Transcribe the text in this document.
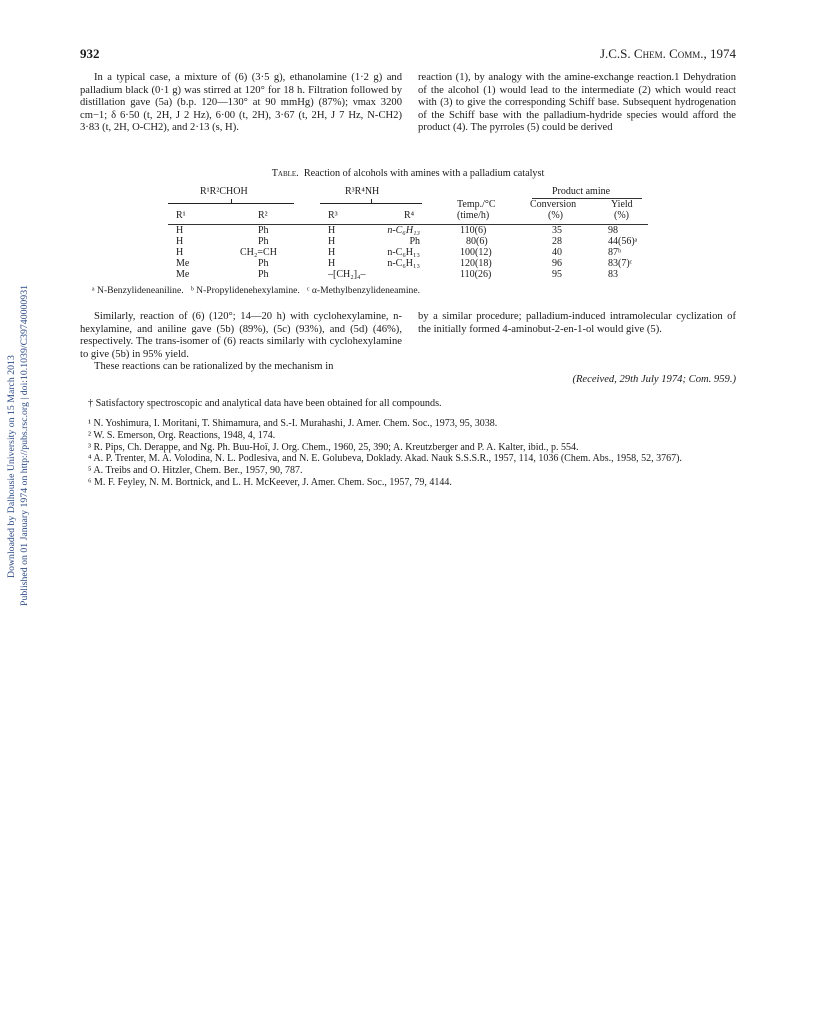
Downloaded by Dalhousie University on 15 March 2013 Published on 01 January 1974 on http://pubs.rsc.org | doi:10.1039/C39740000931
932	J.C.S. Chem. Comm., 1974

In a typical case, a mixture of (6) (3·5 g), ethanolamine (1·2 g) and palladium black (0·1 g) was stirred at 120° for 18 h. Filtration followed by distillation gave (5a) (b.p. 120—130° at 90 mmHg) (87%); νmax 3200 cm−1; δ 6·50 (t, 2H, J 2 Hz), 6·00 (t, 2H), 3·67 (t, 2H, J 7 Hz, N-CH2) 3·83 (t, 2H, O-CH2), and 2·13 (s, H).

reaction (1), by analogy with the amine-exchange reaction.1 Dehydration of the alcohol (1) would lead to the intermediate (2) which would react with (3) to give the corresponding Schiff base. Subsequent hydrogenation of the Schiff base with the palladium-hydride species would afford the product (4). The pyrroles (5) could be derived

Table. Reaction of alcohols with amines with a palladium catalyst
R¹R²CHOH	R³R⁴NH	Product amine
R¹	R²	R³	R⁴
Temp./°C
(time/h)
Conversion
(%)
Yield
(%)
H	Ph	H	n-C₆H₁₃	110(6)	35	98
H	Ph	H	Ph	80(6)	28	44(56)ᵃ
H	CH₂=CH	H	n-C₆H₁₃	100(12)	40	87ᵇ
Me	Ph	H	n-C₆H₁₃	120(18)	96	83(7)ᶜ
Me	Ph	–[CH₂]₄–	110(26)	95	83
ᵃ N-Benzylideneaniline.   ᵇ N-Propylidenehexylamine.   ᶜ α-Methylbenzylideneamine.

Similarly, reaction of (6) (120°; 14—20 h) with cyclohexylamine, n-hexylamine, and aniline gave (5b) (89%), (5c) (93%), and (5d) (46%), respectively. The trans-isomer of (6) reacts similarly with cyclohexylamine to give (5b) in 95% yield.

These reactions can be rationalized by the mechanism in

by a similar procedure; palladium-induced intramolecular cyclization of the initially formed 4-aminobut-2-en-1-ol would give (5).

(Received, 29th July 1974; Com. 959.)
† Satisfactory spectroscopic and analytical data have been obtained for all compounds.
¹ N. Yoshimura, I. Moritani, T. Shimamura, and S.-I. Murahashi, J. Amer. Chem. Soc., 1973, 95, 3038.
² W. S. Emerson, Org. Reactions, 1948, 4, 174.
³ R. Pips, Ch. Derappe, and Ng. Ph. Buu-Hoï, J. Org. Chem., 1960, 25, 390; A. Kreutzberger and P. A. Kalter, ibid., p. 554.
⁴ A. P. Trenter, M. A. Volodina, N. L. Podlesiva, and N. E. Golubeva, Doklady. Akad. Nauk S.S.S.R., 1957, 114, 1036 (Chem. Abs., 1958, 52, 3767).
⁵ A. Treibs and O. Hitzler, Chem. Ber., 1957, 90, 787.
⁶ M. F. Feyley, N. M. Bortnick, and L. H. McKeever, J. Amer. Chem. Soc., 1957, 79, 4144.
